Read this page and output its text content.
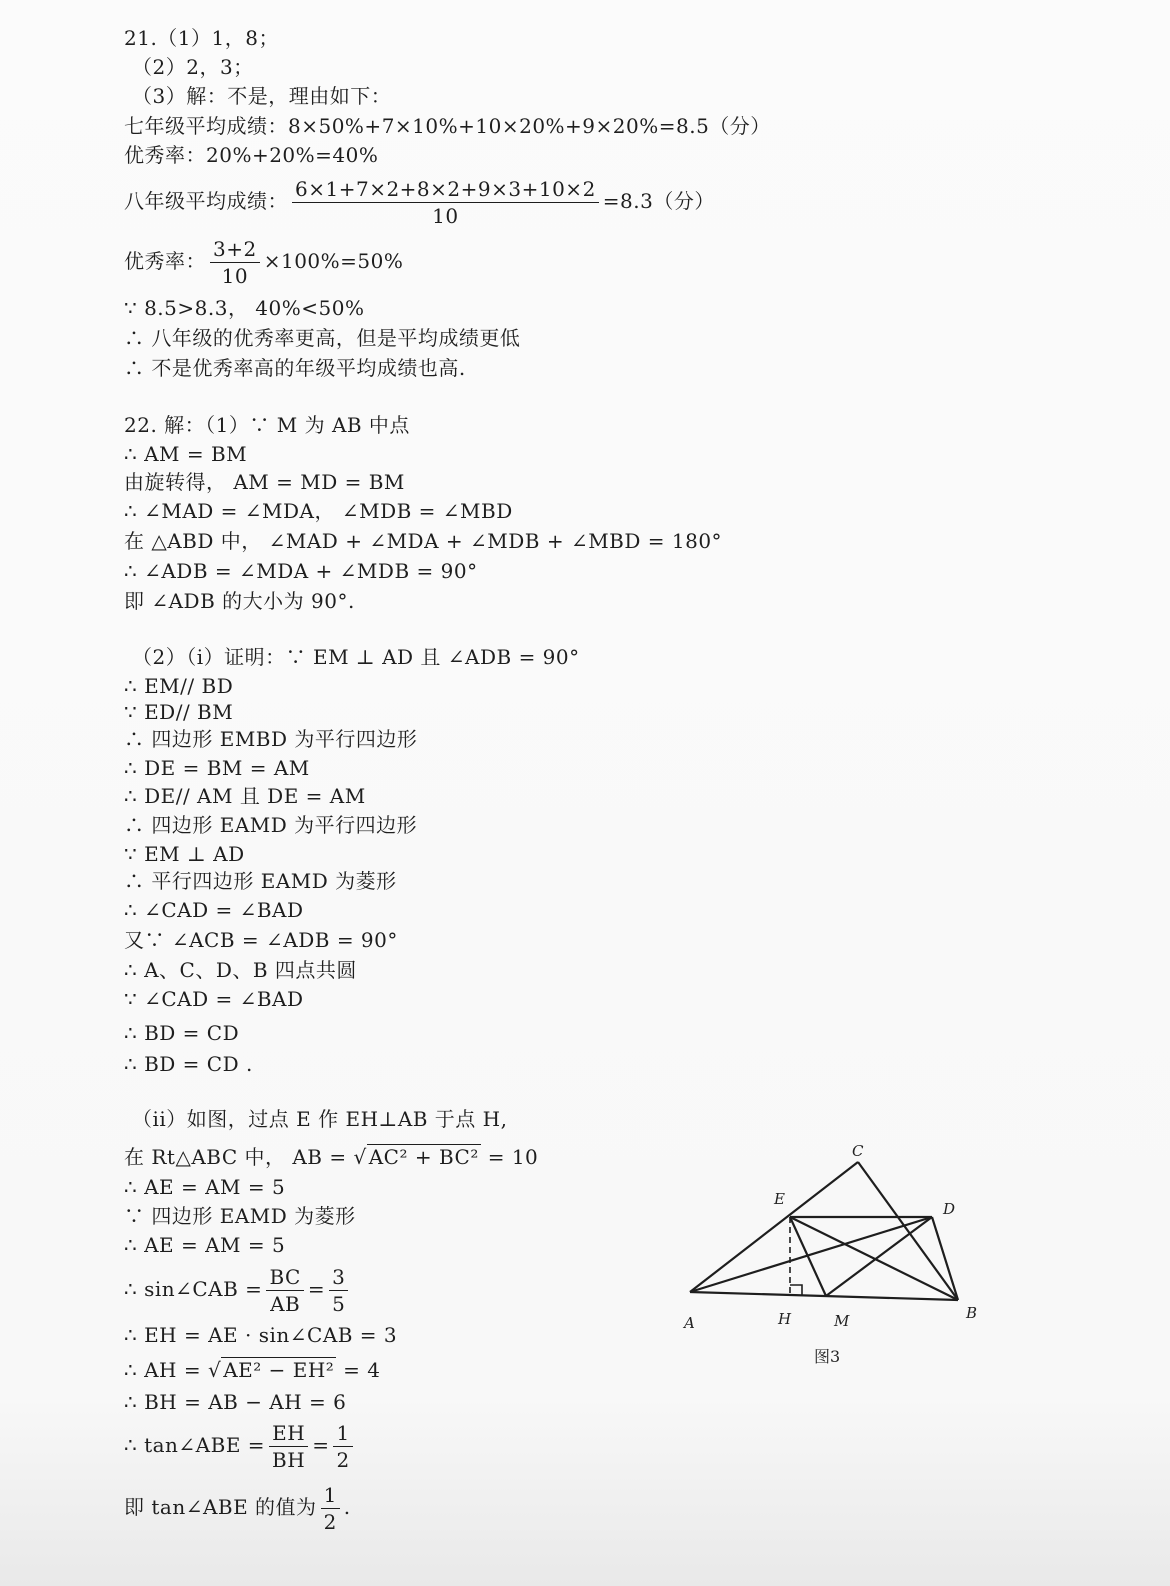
21.（1）1，8；
（2）2，3；
（3）解：不是，理由如下：
七年级平均成绩：8×50%+7×10%+10×20%+9×20%=8.5（分）
优秀率：20%+20%=40%
八年级平均成绩： $\frac{6\times 1+7\times 2+8\times 2+9\times 3+10\times 2}{10} =8.3$（分）
优秀率： $\frac{3+2}{10} \times 100\%=50\%$
∵ 8.5>8.3， 40%<50%
∴ 八年级的优秀率更高，但是平均成绩更低
∴ 不是优秀率高的年级平均成绩也高.
22. 解：（1）∵ M 为 AB 中点
∴ AM = BM
由旋转得， AM = MD = BM
∴ ∠MAD = ∠MDA， ∠MDB = ∠MBD
在 △ABD 中， ∠MAD + ∠MDA + ∠MDB + ∠MBD = 180°
∴ ∠ADB = ∠MDA + ∠MDB = 90°
即 ∠ADB 的大小为 90°.
（2）（i）证明：∵ EM ⊥ AD 且 ∠ADB = 90°
∴ EM// BD
∵ ED// BM
∴ 四边形 EMBD 为平行四边形
∴ DE = BM = AM
∴ DE// AM 且 DE = AM
∴ 四边形 EAMD 为平行四边形
∵ EM ⊥ AD
∴ 平行四边形 EAMD 为菱形
∴ ∠CAD = ∠BAD
又∵ ∠ACB = ∠ADB = 90°
∴ A、C、D、B 四点共圆
∵ ∠CAD = ∠BAD
∴ BD = CD
∴ BD = CD .
（ii）如图，过点 E 作 EH⊥AB 于点 H,
在 Rt△ABC 中， AB = √ AC² + BC² = 10
∴ AE = AM = 5
∵ 四边形 EAMD 为菱形
∴ AE = AM = 5
∴ sin∠CAB = $\frac{BC}{AB} = \frac{3}{5}$
∴ EH = AE · sin∠CAB = 3
∴ AH = √ AE² − EH² = 4
∴ BH = AB − AH = 6
∴ tan∠ABE = $\frac{EH}{BH} = \frac{1}{2}$
即 tan∠ABE 的值为 $\frac{1}{2}$ .
C
E
D
A	H	M	B
图3
